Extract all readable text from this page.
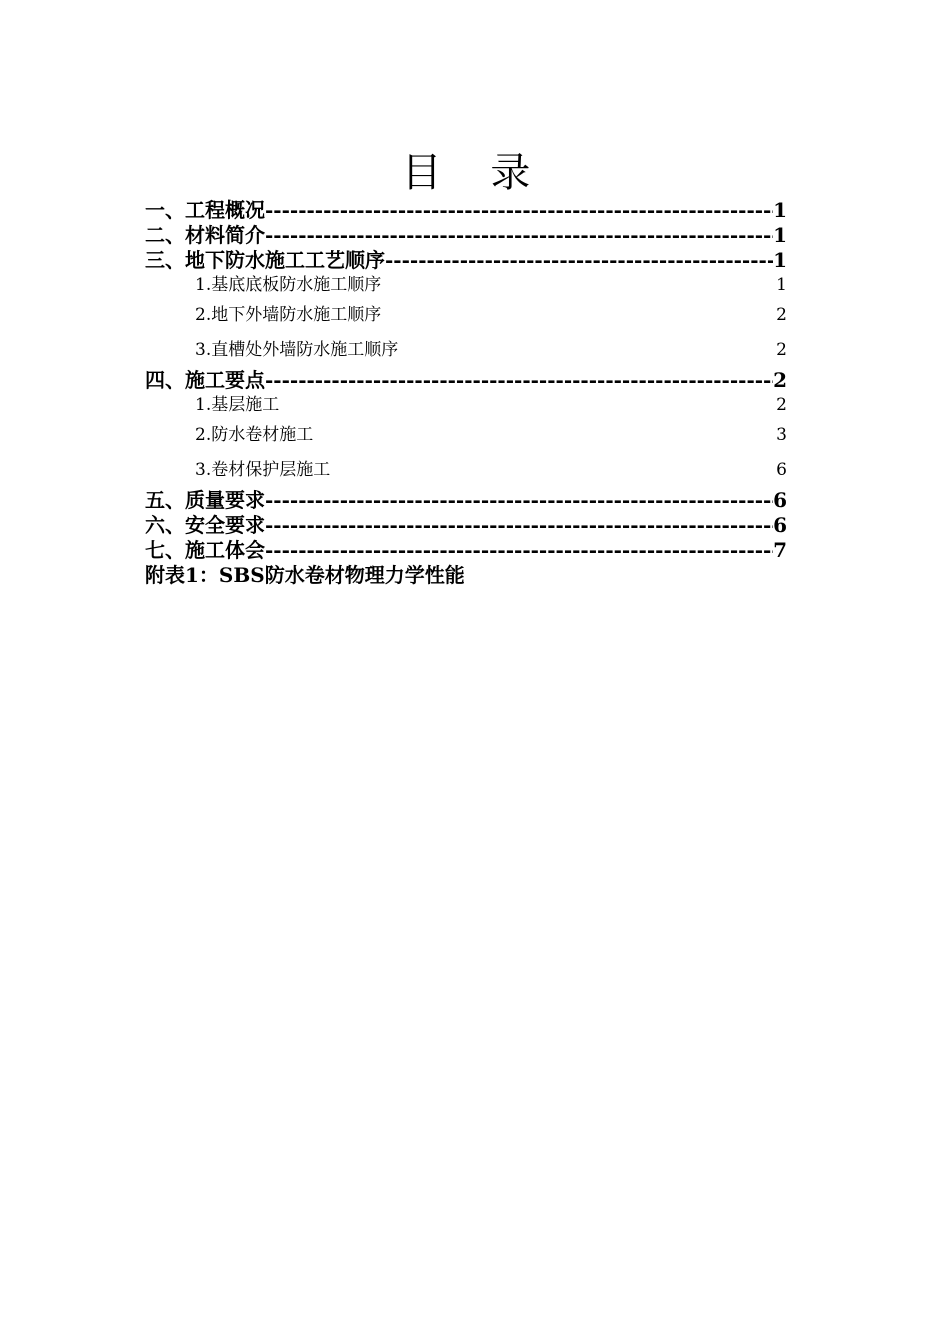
目 录
一、工程概况 -----	1
二、材料简介 -----	1
三、地下防水施工工艺顺序 -----	1
1.基底底板防水施工顺序	1
2.地下外墙防水施工顺序	2
3.直槽处外墙防水施工顺序	2
四、施工要点 -----	2
1.基层施工	2
2.防水卷材施工	3
3.卷材保护层施工	6
五、质量要求 -----	6
六、安全要求 -----	6
七、施工体会 -----	7
附表1：SBS防水卷材物理力学性能
